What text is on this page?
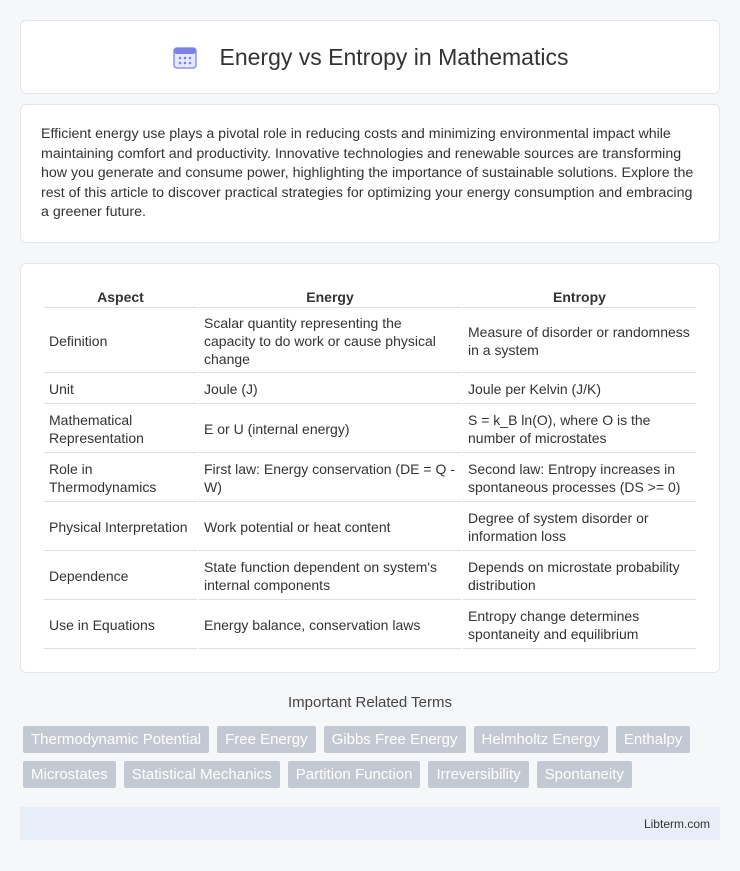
Energy vs Entropy in Mathematics

Efficient energy use plays a pivotal role in reducing costs and minimizing environmental impact while maintaining comfort and productivity. Innovative technologies and renewable sources are transforming how you generate and consume power, highlighting the importance of sustainable solutions. Explore the rest of this article to discover practical strategies for optimizing your energy consumption and embracing a greener future.

Aspect	Energy	Entropy
Definition	Scalar quantity representing the capacity to do work or cause physical change	Measure of disorder or randomness in a system
Unit	Joule (J)	Joule per Kelvin (J/K)
Mathematical Representation	E or U (internal energy)	S = k_B ln(O), where O is the number of microstates
Role in Thermodynamics	First law: Energy conservation (DE = Q - W)	Second law: Entropy increases in spontaneous processes (DS >= 0)
Physical Interpretation	Work potential or heat content	Degree of system disorder or information loss
Dependence	State function dependent on system's internal components	Depends on microstate probability distribution
Use in Equations	Energy balance, conservation laws	Entropy change determines spontaneity and equilibrium
Important Related Terms
Thermodynamic Potential	Free Energy	Gibbs Free Energy	Helmholtz Energy	Enthalpy
Microstates	Statistical Mechanics	Partition Function	Irreversibility	Spontaneity
Libterm.com
